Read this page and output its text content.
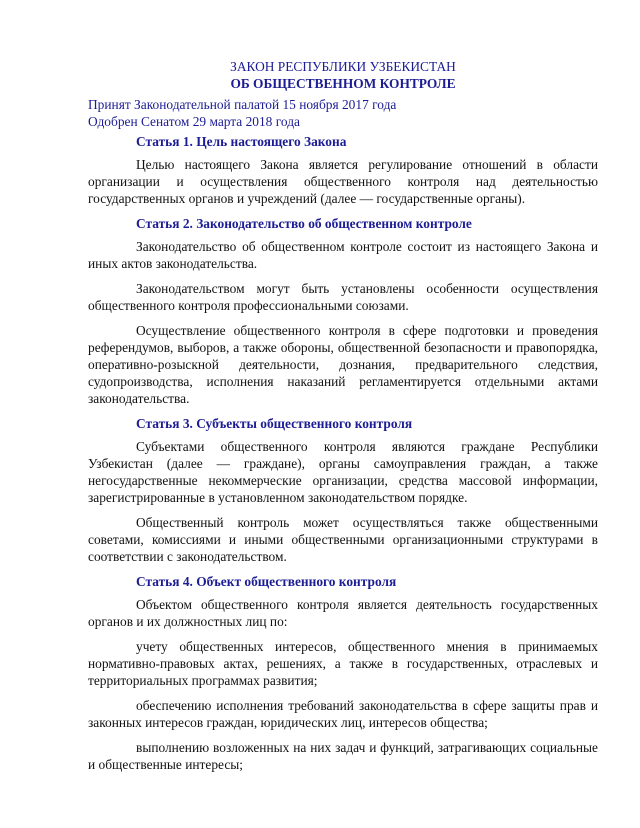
ЗАКОН РЕСПУБЛИКИ УЗБЕКИСТАН
ОБ ОБЩЕСТВЕННОМ КОНТРОЛЕ
Принят Законодательной палатой 15 ноября 2017 года
Одобрен Сенатом 29 марта 2018 года
Статья 1. Цель настоящего Закона

Целью настоящего Закона является регулирование отношений в области организации и осуществления общественного контроля над деятельностью государственных органов и учреждений (далее — государственные органы).

Статья 2. Законодательство об общественном контроле

Законодательство об общественном контроле состоит из настоящего Закона и иных актов законодательства.

Законодательством могут быть установлены особенности осуществления общественного контроля профессиональными союзами.

Осуществление общественного контроля в сфере подготовки и проведения референдумов, выборов, а также обороны, общественной безопасности и правопорядка, оперативно-розыскной деятельности, дознания, предварительного следствия, судопроизводства, исполнения наказаний регламентируется отдельными актами законодательства.

Статья 3. Субъекты общественного контроля

Субъектами общественного контроля являются граждане Республики Узбекистан (далее — граждане), органы самоуправления граждан, а также негосударственные некоммерческие организации, средства массовой информации, зарегистрированные в установленном законодательством порядке.

Общественный контроль может осуществляться также общественными советами, комиссиями и иными общественными организационными структурами в соответствии с законодательством.

Статья 4. Объект общественного контроля

Объектом общественного контроля является деятельность государственных органов и их должностных лиц по:

учету общественных интересов, общественного мнения в принимаемых нормативно-правовых актах, решениях, а также в государственных, отраслевых и территориальных программах развития;

обеспечению исполнения требований законодательства в сфере защиты прав и законных интересов граждан, юридических лиц, интересов общества;

выполнению возложенных на них задач и функций, затрагивающих социальные и общественные интересы;
